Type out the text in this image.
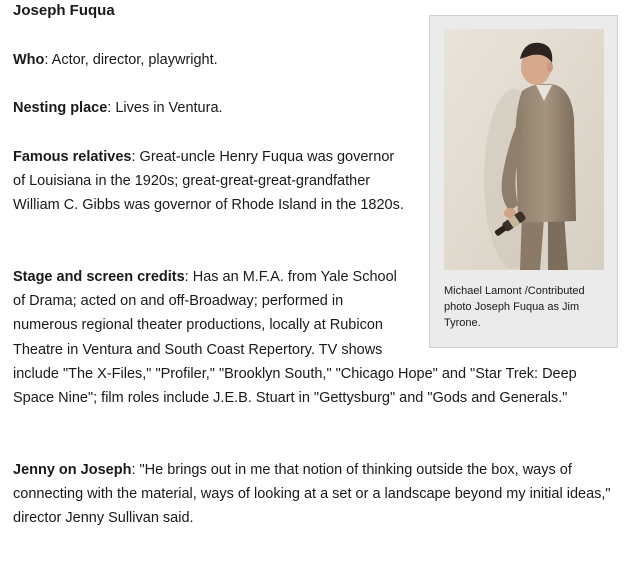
Joseph Fuqua

Who: Actor, director, playwright.

Nesting place: Lives in Ventura.

Famous relatives: Great-uncle Henry Fuqua was governor of Louisiana in the 1920s; great-great-great-grandfather William C. Gibbs was governor of Rhode Island in the 1820s.

Stage and screen credits: Has an M.F.A. from Yale School of Drama; acted on and off-Broadway; performed in numerous regional theater productions, locally at Rubicon Theatre in Ventura and South Coast Repertory. TV shows include "The X-Files," "Profiler," "Brooklyn South," "Chicago Hope" and "Star Trek: Deep Space Nine"; film roles include J.E.B. Stuart in "Gettysburg" and "Gods and Generals."

Jenny on Joseph: "He brings out in me that notion of thinking outside the box, ways of connecting with the material, ways of looking at a set or a landscape beyond my initial ideas," director Jenny Sullivan said.

Michael Lamont /Contributed photo Joseph Fuqua as Jim Tyrone.
